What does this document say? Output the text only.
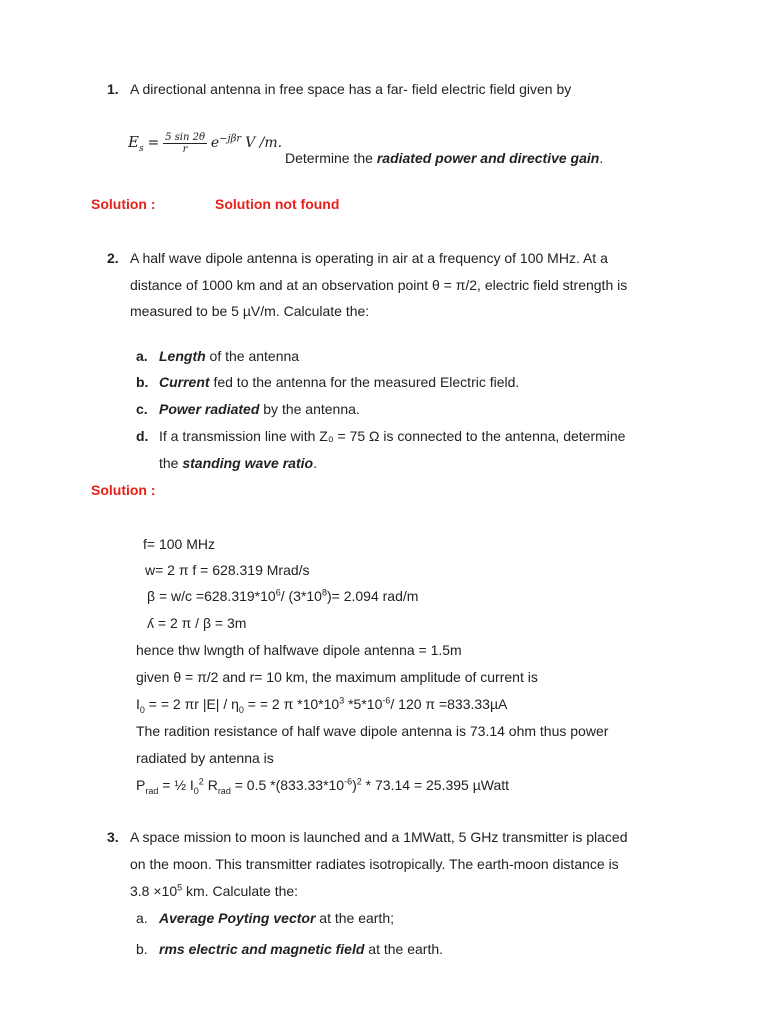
1. A directional antenna in free space has a far- field electric field given by
$E_s = \frac{5 \sin 2\theta}{r} e^{-j\beta r}$ V /m.
Determine the radiated power and directive gain.
Solution :	Solution not found
2. A half wave dipole antenna is operating in air at a frequency of 100 MHz. At a
distance of 1000 km and at an observation point θ = π/2, electric field strength is
measured to be 5 µV/m. Calculate the:
a. Length of the antenna
b. Current fed to the antenna for the measured Electric field.
c. Power radiated by the antenna.
d. If a transmission line with Z₀ = 75 Ω is connected to the antenna, determine
the standing wave ratio.
Solution :
f= 100 MHz
w= 2 π f = 628.319 Mrad/s
$\beta = w/c =628.319*10^6/$ $(3*10^8)= 2.094$ rad/m
ʎ = 2 π / β = 3m
hence thw lwngth of halfwave dipole antenna = 1.5m
given θ = π/2 and r= 10 km, the maximum amplitude of current is
$I_0$ = = 2 πr $|E| / \eta_0$ = = 2 π $*10*10^3$ $*5*10^{-6}/$ 120 π =833.33µA
The radition resistance of half wave dipole antenna is 73.14 ohm thus power
radiated by antenna is
$P_{rad}$ = ½ $I_0^2$ $R_{rad} = 0.5$ $*(833.33*10^{-6})^2 * 73.14 = 25.395$ µWatt
3. A space mission to moon is launched and a 1MWatt, 5 GHz transmitter is placed
on the moon. This transmitter radiates isotropically. The earth-moon distance is
$3.8 \times 10^5$ km. Calculate the:
a. Average Poyting vector at the earth;
b. rms electric and magnetic field at the earth.
